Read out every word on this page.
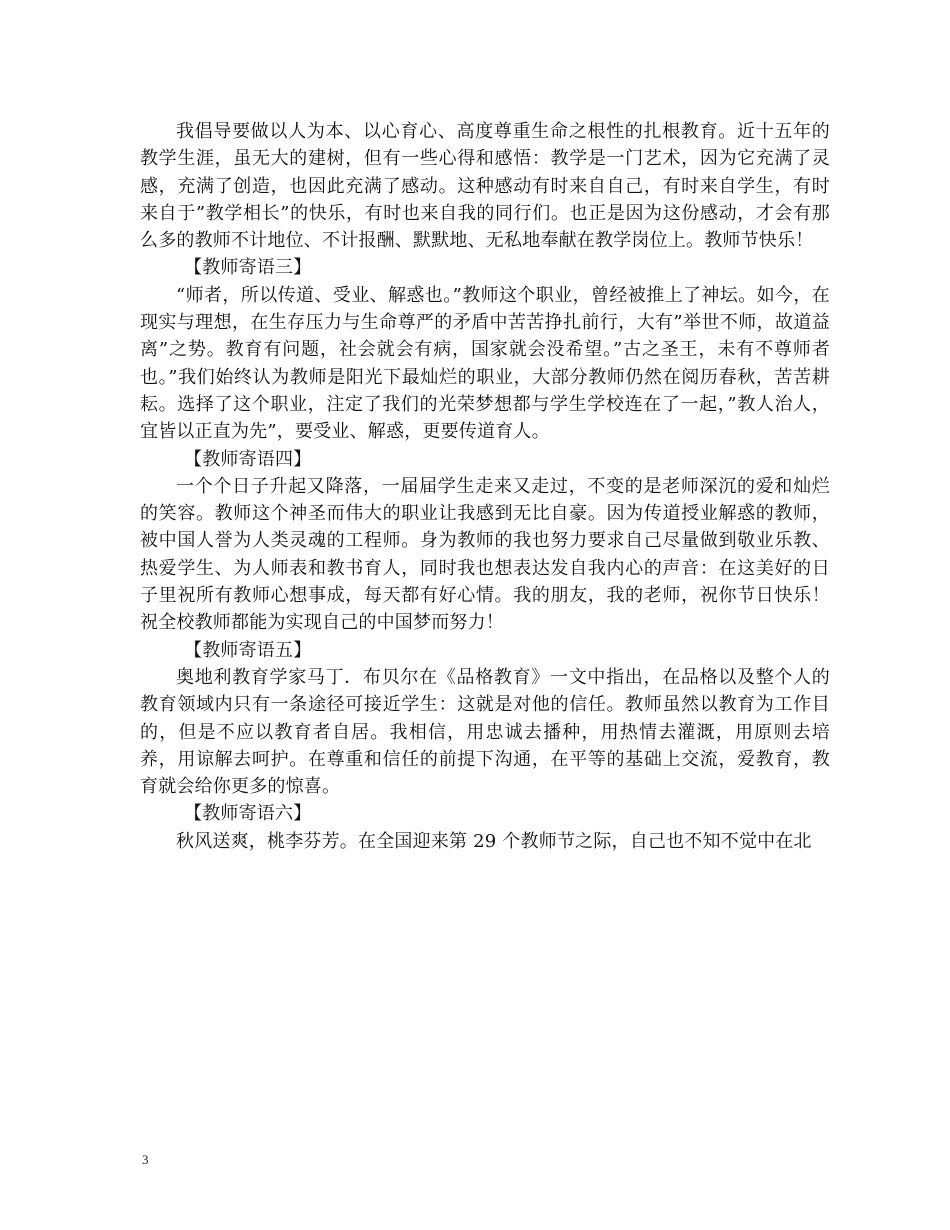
我倡导要做以人为本、以心育心、高度尊重生命之根性的扎根教育。近十五年的教学生涯，虽无大的建树，但有一些心得和感悟：教学是一门艺术，因为它充满了灵感，充满了创造，也因此充满了感动。这种感动有时来自自己，有时来自学生，有时来自于”教学相长”的快乐，有时也来自我的同行们。也正是因为这份感动，才会有那么多的教师不计地位、不计报酬、默默地、无私地奉献在教学岗位上。教师节快乐！

【教师寄语三】

“师者，所以传道、受业、解惑也。”教师这个职业，曾经被推上了神坛。如今，在现实与理想，在生存压力与生命尊严的矛盾中苦苦挣扎前行，大有”举世不师，故道益离”之势。教育有问题，社会就会有病，国家就会没希望。”古之圣王，未有不尊师者也。”我们始终认为教师是阳光下最灿烂的职业，大部分教师仍然在阅历春秋，苦苦耕耘。选择了这个职业，注定了我们的光荣梦想都与学生学校连在了一起，”教人治人，宜皆以正直为先”，要受业、解惑，更要传道育人。

【教师寄语四】

一个个日子升起又降落，一届届学生走来又走过，不变的是老师深沉的爱和灿烂的笑容。教师这个神圣而伟大的职业让我感到无比自豪。因为传道授业解惑的教师，被中国人誉为人类灵魂的工程师。身为教师的我也努力要求自己尽量做到敬业乐教、热爱学生、为人师表和教书育人，同时我也想表达发自我内心的声音：在这美好的日子里祝所有教师心想事成，每天都有好心情。我的朋友，我的老师，祝你节日快乐！祝全校教师都能为实现自己的中国梦而努力！

【教师寄语五】

奥地利教育学家马丁．布贝尔在《品格教育》一文中指出，在品格以及整个人的教育领域内只有一条途径可接近学生：这就是对他的信任。教师虽然以教育为工作目的，但是不应以教育者自居。我相信，用忠诚去播种，用热情去灌溉，用原则去培养，用谅解去呵护。在尊重和信任的前提下沟通，在平等的基础上交流，爱教育，教育就会给你更多的惊喜。

【教师寄语六】

秋风送爽，桃李芬芳。在全国迎来第 29 个教师节之际，自己也不知不觉中在北

3
